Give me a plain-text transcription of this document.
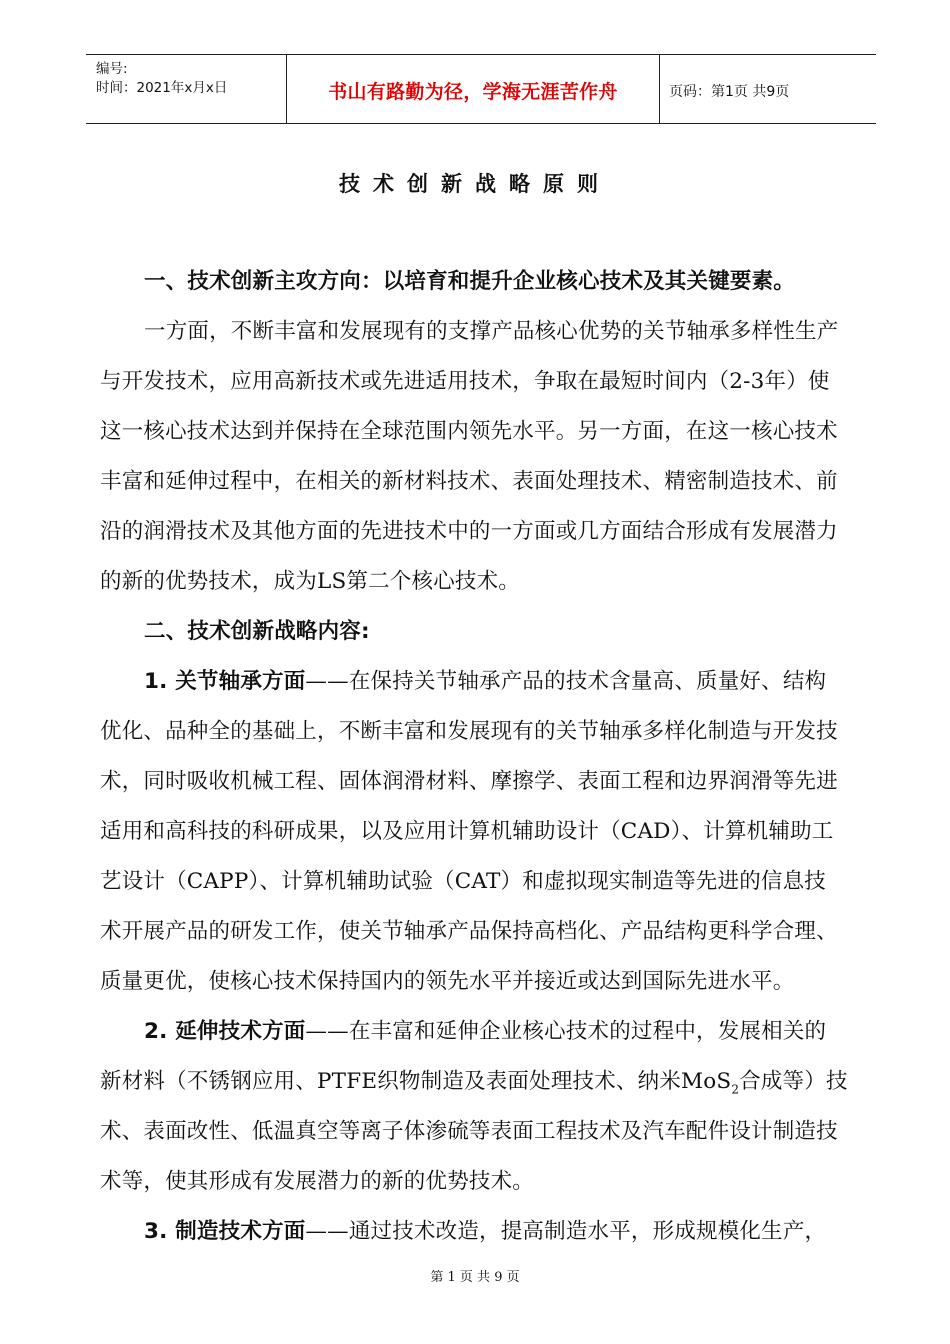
编号:
时间：2021年x月x日	书山有路勤为径，学海无涯苦作舟	页码：第1页 共9页
技术创新战略原则
一、技术创新主攻方向：以培育和提升企业核心技术及其关键要素。
一方面，不断丰富和发展现有的支撑产品核心优势的关节轴承多样性生产
与开发技术，应用高新技术或先进适用技术，争取在最短时间内（2-3年）使
这一核心技术达到并保持在全球范围内领先水平。另一方面，在这一核心技术
丰富和延伸过程中，在相关的新材料技术、表面处理技术、精密制造技术、前
沿的润滑技术及其他方面的先进技术中的一方面或几方面结合形成有发展潜力
的新的优势技术，成为LS第二个核心技术。
二、技术创新战略内容:
1. 关节轴承方面——在保持关节轴承产品的技术含量高、质量好、结构
优化、品种全的基础上，不断丰富和发展现有的关节轴承多样化制造与开发技
术，同时吸收机械工程、固体润滑材料、摩擦学、表面工程和边界润滑等先进
适用和高科技的科研成果，以及应用计算机辅助设计（CAD）、计算机辅助工
艺设计（CAPP）、计算机辅助试验（CAT）和虚拟现实制造等先进的信息技
术开展产品的研发工作，使关节轴承产品保持高档化、产品结构更科学合理、
质量更优，使核心技术保持国内的领先水平并接近或达到国际先进水平。
2. 延伸技术方面——在丰富和延伸企业核心技术的过程中，发展相关的
新材料（不锈钢应用、PTFE织物制造及表面处理技术、纳米MoS$_2$合成等）技
术、表面改性、低温真空等离子体渗硫等表面工程技术及汽车配件设计制造技
术等，使其形成有发展潜力的新的优势技术。
3. 制造技术方面——通过技术改造，提高制造水平，形成规模化生产，
第 1 页 共 9 页
